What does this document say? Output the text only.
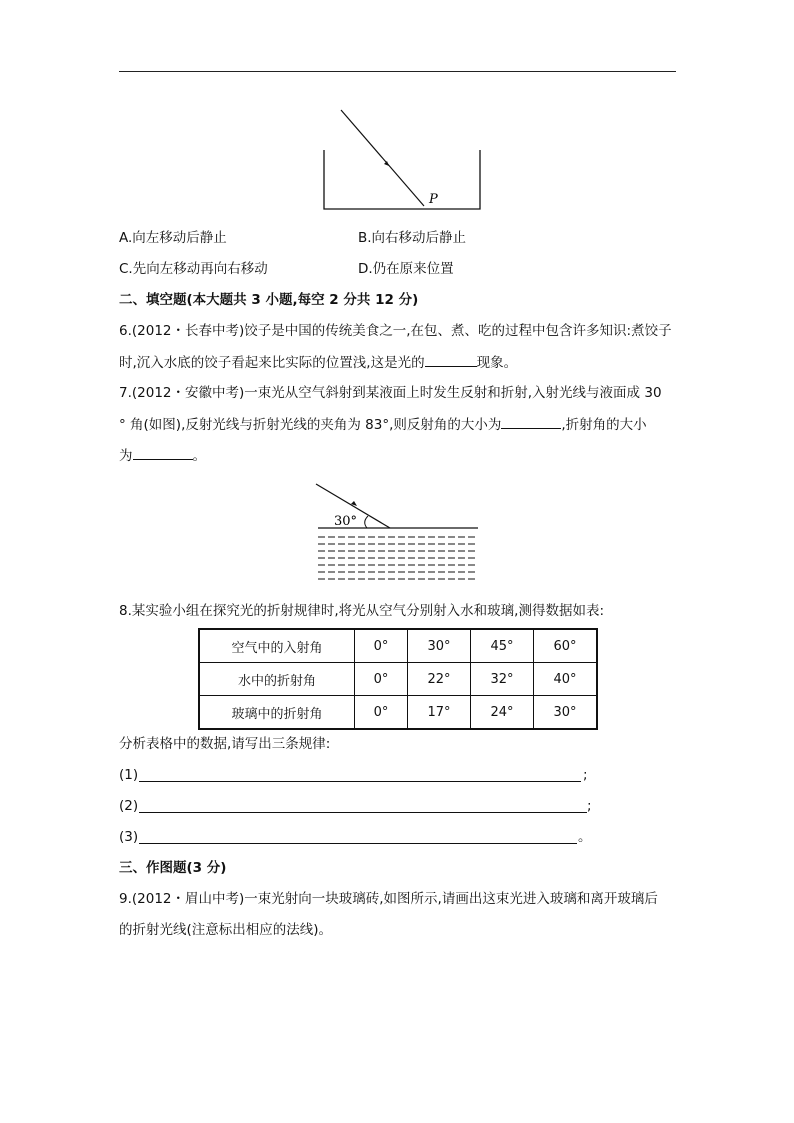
P
A.向左移动后静止	B.向右移动后静止
C.先向左移动再向右移动	D.仍在原来位置
二、填空题(本大题共 3 小题,每空 2 分共 12 分)
6.(2012・长春中考)饺子是中国的传统美食之一,在包、煮、吃的过程中包含许多知识:煮饺子
时,沉入水底的饺子看起来比实际的位置浅,这是光的	现象。
7.(2012・安徽中考)一束光从空气斜射到某液面上时发生反射和折射,入射光线与液面成 30
° 角(如图),反射光线与折射光线的夹角为 83°,则反射角的大小为	,折射角的大小
为	。
30°
8.某实验小组在探究光的折射规律时,将光从空气分别射入水和玻璃,测得数据如表:
空气中的入射角	0°	30°	45°	60°
水中的折射角	0°	22°	32°	40°
玻璃中的折射角	0°	17°	24°	30°
分析表格中的数据,请写出三条规律:
(1)	;
(2)	;
(3)	。
三、作图题(3 分)
9.(2012・眉山中考)一束光射向一块玻璃砖,如图所示,请画出这束光进入玻璃和离开玻璃后
的折射光线(注意标出相应的法线)。
